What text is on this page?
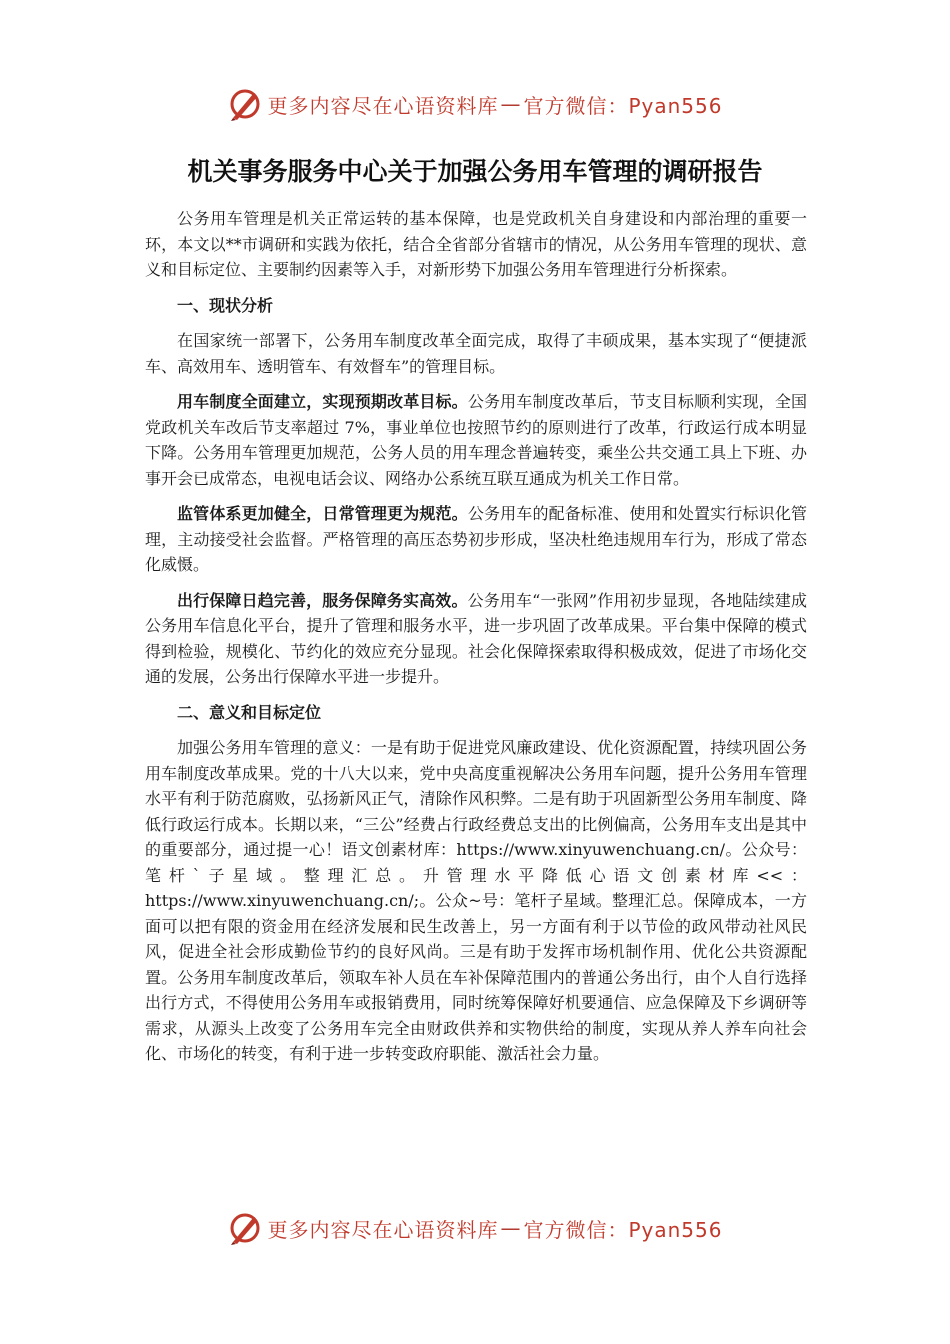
更多内容尽在心语资料库 — 官方微信：Pyan556
机关事务服务中心关于加强公务用车管理的调研报告

公务用车管理是机关正常运转的基本保障，也是党政机关自身建设和内部治理的重要一环，本文以**市调研和实践为依托，结合全省部分省辖市的情况，从公务用车管理的现状、意义和目标定位、主要制约因素等入手，对新形势下加强公务用车管理进行分析探索。

一、现状分析

在国家统一部署下，公务用车制度改革全面完成，取得了丰硕成果，基本实现了“便捷派车、高效用车、透明管车、有效督车”的管理目标。

用车制度全面建立，实现预期改革目标。公务用车制度改革后，节支目标顺利实现，全国党政机关车改后节支率超过 7%，事业单位也按照节约的原则进行了改革，行政运行成本明显下降。公务用车管理更加规范，公务人员的用车理念普遍转变，乘坐公共交通工具上下班、办事开会已成常态，电视电话会议、网络办公系统互联互通成为机关工作日常。

监管体系更加健全，日常管理更为规范。公务用车的配备标准、使用和处置实行标识化管理，主动接受社会监督。严格管理的高压态势初步形成，坚决杜绝违规用车行为，形成了常态化威慑。

出行保障日趋完善，服务保障务实高效。公务用车“一张网”作用初步显现，各地陆续建成公务用车信息化平台，提升了管理和服务水平，进一步巩固了改革成果。平台集中保障的模式得到检验，规模化、节约化的效应充分显现。社会化保障探索取得积极成效，促进了市场化交通的发展，公务出行保障水平进一步提升。

二、意义和目标定位

加强公务用车管理的意义：一是有助于促进党风廉政建设、优化资源配置，持续巩固公务用车制度改革成果。党的十八大以来，党中央高度重视解决公务用车问题，提升公务用车管理水平有利于防范腐败，弘扬新风正气，清除作风积弊。二是有助于巩固新型公务用车制度、降低行政运行成本。长期以来，“三公”经费占行政经费总支出的比例偏高，公务用车支出是其中的重要部分，通过提一心！语文创素材库：https://www.xinyuwenchuang.cn/。公众号：笔杆`子星域。整理汇总。升管理水平降低心语文创素材库<<：https://www.xinyuwenchuang.cn/;。公众~号：笔杆子星域。整理汇总。保障成本，一方面可以把有限的资金用在经济发展和民生改善上，另一方面有利于以节俭的政风带动社风民风，促进全社会形成勤俭节约的良好风尚。三是有助于发挥市场机制作用、优化公共资源配置。公务用车制度改革后，领取车补人员在车补保障范围内的普通公务出行，由个人自行选择出行方式，不得使用公务用车或报销费用，同时统筹保障好机要通信、应急保障及下乡调研等需求，从源头上改变了公务用车完全由财政供养和实物供给的制度，实现从养人养车向社会化、市场化的转变，有利于进一步转变政府职能、激活社会力量。

更多内容尽在心语资料库 — 官方微信：Pyan556
